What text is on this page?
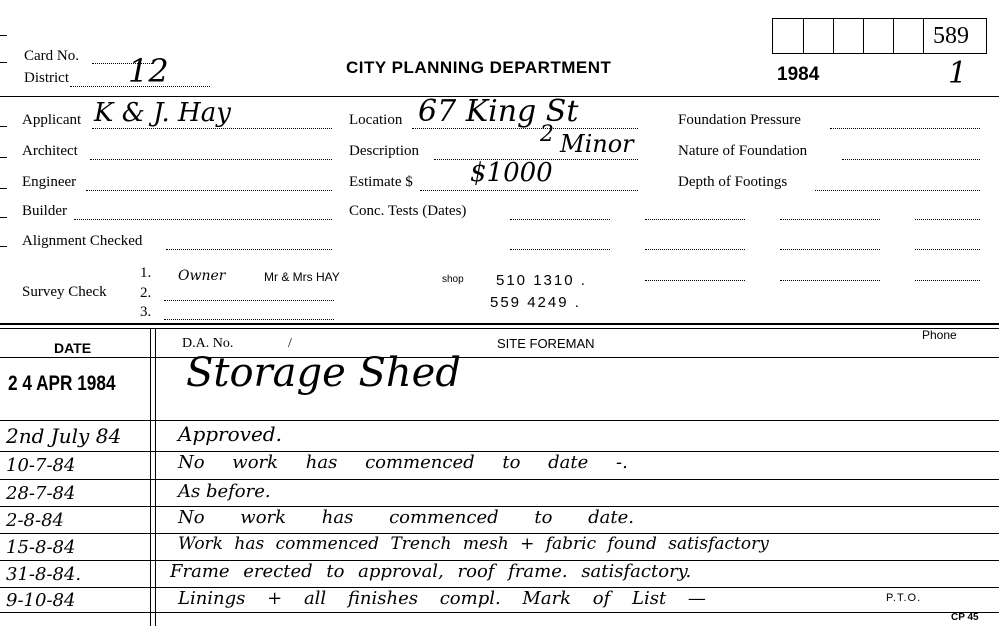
Card No.
District 12	CITY PLANNING DEPARTMENT
589
1984	1
Applicant K & J. Hay
Architect
Engineer
Builder
Alignment Checked
Survey Check
1.
2.
3.
Owner	Mr & Mrs HAY	shop 510 1310 .
559 4249 .
Location 67 King St
Description
2 Minor
Estimate $ $1000
Conc. Tests (Dates)
Foundation Pressure
Nature of Foundation
Depth of Footings
DATE	D.A. No.	/	SITE FOREMAN
Phone
2 4 APR 1984 Storage Shed
2nd July 84	Approved.
10-7-84	No work has commenced to date -.
28-7-84	As before.
2-8-84	No work has commenced to date.
15-8-84	Work has commenced Trench mesh + fabric found satisfactory
31-8-84.	Frame erected to approval, roof frame. satisfactory.
9-10-84	Linings + all finishes compl. Mark of List —	P.T.O.
CP 45
